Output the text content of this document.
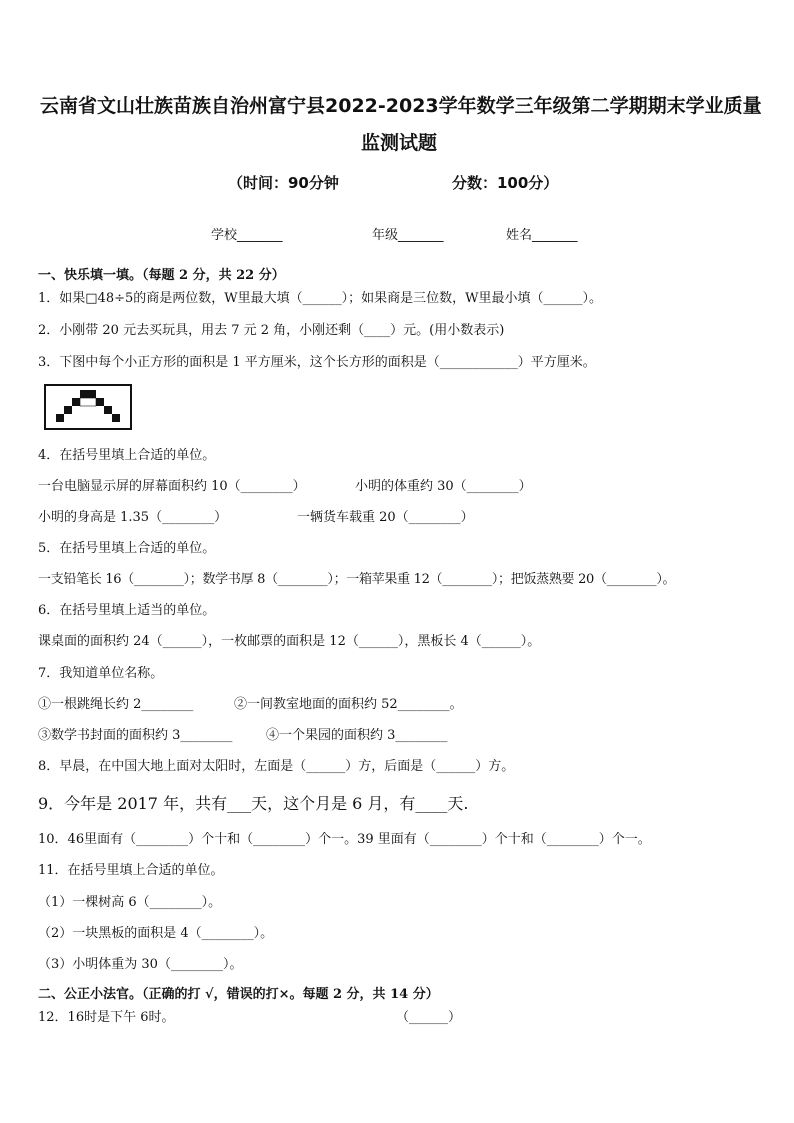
云南省文山壮族苗族自治州富宁县2022-2023学年数学三年级第二学期期末学业质量
监测试题
（时间：90分钟	分数：100分）
学校_______	年级_______	姓名_______
一、快乐填一填。（每题 2 分，共 22 分）
1．如果□48÷5的商是两位数，W里最大填（______）；如果商是三位数，W里最小填（______）。
2．小刚带 20 元去买玩具，用去 7 元 2 角，小刚还剩（____）元。(用小数表示)
3．下图中每个小正方形的面积是 1 平方厘米，这个长方形的面积是（____________）平方厘米。
4．在括号里填上合适的单位。
一台电脑显示屏的屏幕面积约 10（________）	小明的体重约 30（________）
小明的身高是 1.35（________）	一辆货车载重 20（________）
5．在括号里填上合适的单位。
一支铅笔长 16（________）；数学书厚 8（________）；一箱苹果重 12（________）；把饭蒸熟要 20（________）。
6．在括号里填上适当的单位。
课桌面的面积约 24（______），一枚邮票的面积是 12（______），黑板长 4（______）。
7．我知道单位名称。
①一根跳绳长约 2________	②一间教室地面的面积约 52________。
③数学书封面的面积约 3________	④一个果园的面积约 3________
8．早晨，在中国大地上面对太阳时，左面是（______）方，后面是（______）方。
9．今年是 2017 年，共有___天，这个月是 6 月，有____天.
10．46里面有（________）个十和（________）个一。39 里面有（________）个十和（________）个一。
11．在括号里填上合适的单位。
（1）一棵树高 6（________）。
（2）一块黑板的面积是 4（________）。
（3）小明体重为 30（________）。
二、公正小法官。（正确的打 √，错误的打×。每题 2 分，共 14 分）
12．16时是下午 6时。	（______）
